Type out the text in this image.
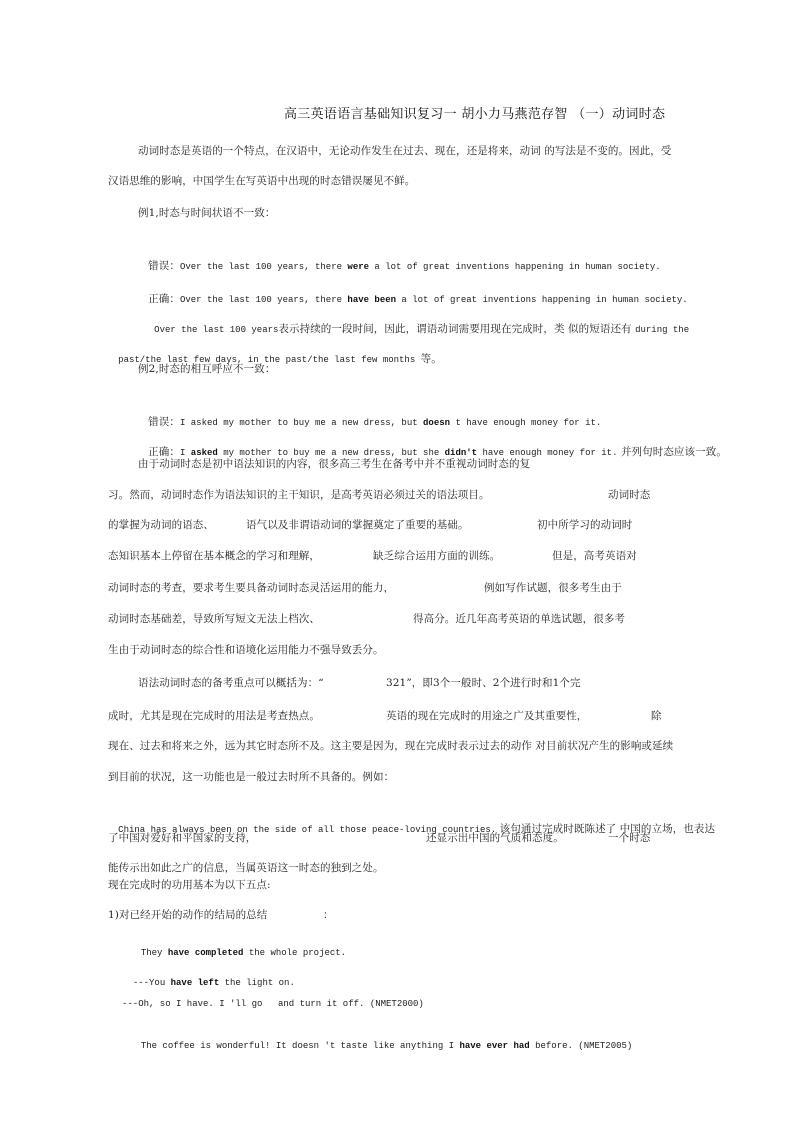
高三英语语言基础知识复习一 胡小力马燕范存智 （一）动词时态
动词时态是英语的一个特点，在汉语中，无论动作发生在过去、现在，还是将来，动词 的写法是不变的。因此，受
汉语思维的影响，中国学生在写英语中出现的时态错误屡见不鲜。
例1,时态与时间状语不一致：

错误：Over the last 100 years, there were a lot of great inventions happening in human society.

正确：Over the last 100 years, there have been a lot of great inventions happening in human society.

Over the last 100 years表示持续的一段时间，因此，谓语动词需要用现在完成时，类 似的短语还有 during the

past/the last few days, in the past/the last few months 等。

例2,时态的相互呼应不一致：

错误：I asked my mother to buy me a new dress, but doesn t have enough money for it.

正确：I asked my mother to buy me a new dress, but she didn't have enough money for it. 并列句时态应该一致。

由于动词时态是初中语法知识的内容，很多高三考生在备考中并不重视动词时态的复
习。然而，动词时态作为语法知识的主干知识，是高考英语必须过关的语法项目。	动词时态
的掌握为动词的语态、	语气以及非谓语动词的掌握奠定了重要的基础。	初中所学习的动词时
态知识基本上停留在基本概念的学习和理解，	缺乏综合运用方面的训练。	但是，高考英语对
动词时态的考查，要求考生要具备动词时态灵活运用的能力，	例如写作试题，很多考生由于
动词时态基础差，导致所写短文无法上档次、	得高分。近几年高考英语的单选试题，很多考
生由于动词时态的综合性和语境化运用能力不强导致丢分。
语法动词时态的备考重点可以概括为：“	321”，即3个一般时、2个进行时和1个完
成时，尤其是现在完成时的用法是考查热点。	英语的现在完成时的用途之广及其重要性，	除
现在、过去和将来之外，远为其它时态所不及。这主要是因为，现在完成时表示过去的动作 对目前状况产生的影响或延续
到目前的状况，这一功能也是一般过去时所不具备的。例如：

China has always been on the side of all those peace-loving countries. 该句通过完成时既陈述了 中国的立场，也表达

了中国对爱好和平国家的支持，	还显示出中国的气质和态度。	一个时态
能传示出如此之广的信息，当属英语这一时态的独到之处。
现在完成时的功用基本为以下五点:
1)对已经开始的动作的结局的总结	：

They have completed the whole project.

---You have left the light on.

---Oh, so I have. I 'll go and turn it off. (NMET2000)

The coffee is wonderful! It doesn 't taste like anything I have ever had before. (NMET2005)
